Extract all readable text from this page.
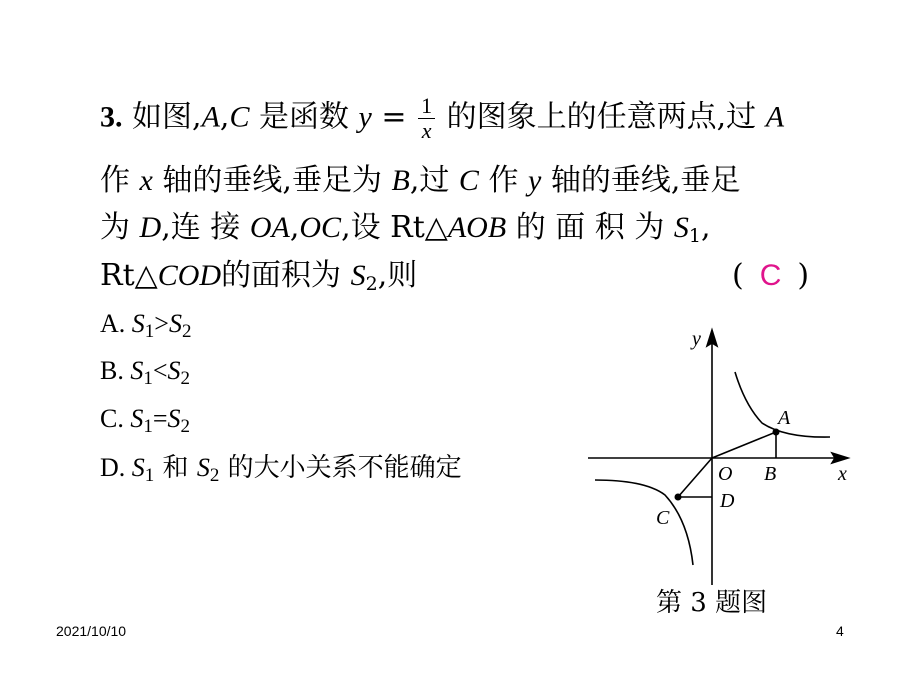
3. 如图,A,C 是函数 $y = \frac{1}{x}$ 的图象上的任意两点,过 A
作 x 轴的垂线,垂足为 B,过 C 作 y 轴的垂线,垂足
为 D,连 接 OA,OC,设 Rt△AOB 的 面 积 为 $S_1$,
Rt△COD的面积为 $S_2$,则	( C )
A. $S_1>S_2$
B. $S_1<S_2$
C. $S_1=S_2$
D. $S_1$ 和 $S_2$ 的大小关系不能确定
y
x
O
A
B
C
D
第 3 题图
2021/10/10	4
